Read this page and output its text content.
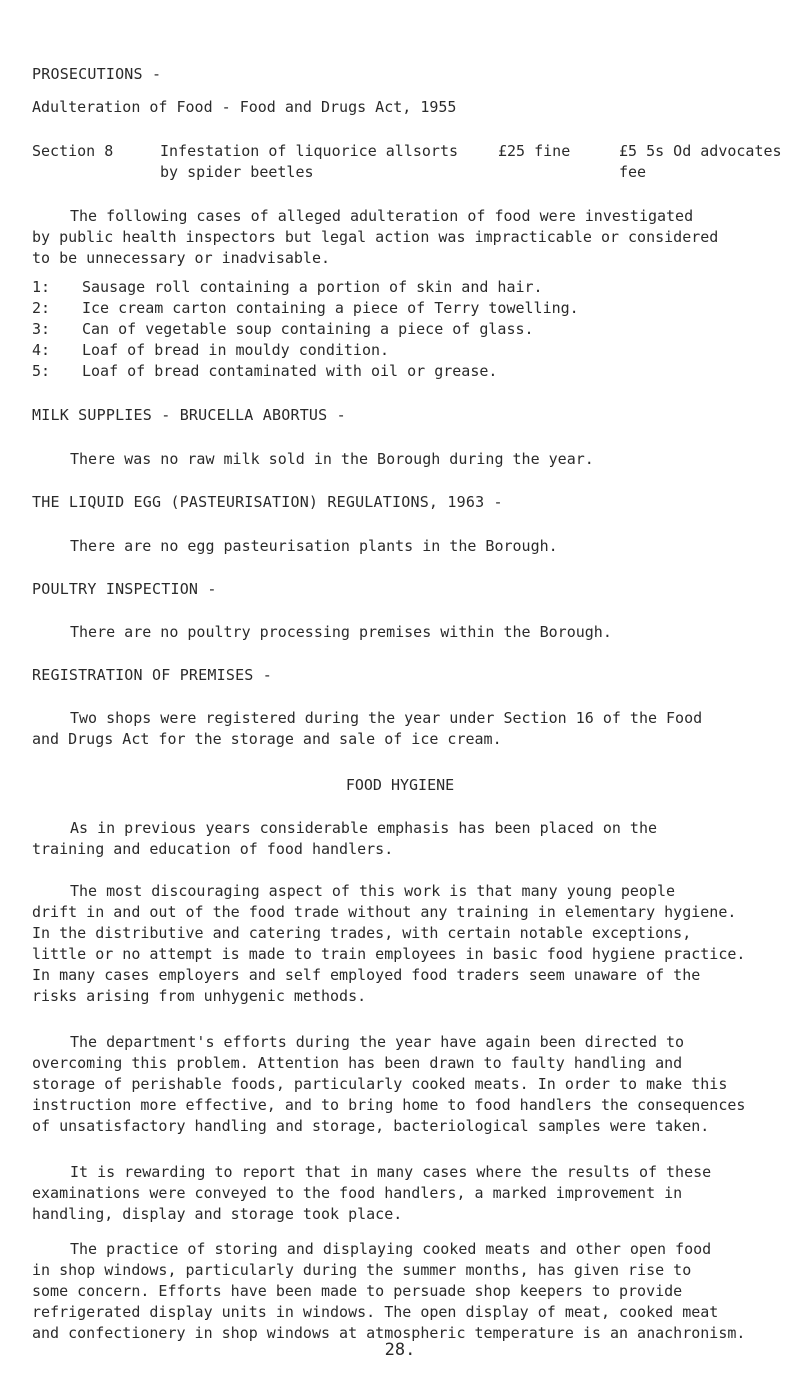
PROSECUTIONS -
Adulteration of Food - Food and Drugs Act, 1955
Section 8	Infestation of liquorice allsorts
by spider beetles
£25 fine	£5 5s Od advocates
fee
The following cases of alleged adulteration of food were investigated
by public health inspectors but legal action was impracticable or considered
to be unnecessary or inadvisable.
1: Sausage roll containing a portion of skin and hair.
2: Ice cream carton containing a piece of Terry towelling.
3: Can of vegetable soup containing a piece of glass.
4: Loaf of bread in mouldy condition.
5: Loaf of bread contaminated with oil or grease.
MILK SUPPLIES - BRUCELLA ABORTUS -
There was no raw milk sold in the Borough during the year.
THE LIQUID EGG (PASTEURISATION) REGULATIONS, 1963 -
There are no egg pasteurisation plants in the Borough.
POULTRY INSPECTION -
There are no poultry processing premises within the Borough.
REGISTRATION OF PREMISES -
Two shops were registered during the year under Section 16 of the Food
and Drugs Act for the storage and sale of ice cream.
FOOD HYGIENE
As in previous years considerable emphasis has been placed on the
training and education of food handlers.
The most discouraging aspect of this work is that many young people
drift in and out of the food trade without any training in elementary hygiene.
In the distributive and catering trades, with certain notable exceptions,
little or no attempt is made to train employees in basic food hygiene practice.
In many cases employers and self employed food traders seem unaware of the
risks arising from unhygenic methods.
The department's efforts during the year have again been directed to
overcoming this problem. Attention has been drawn to faulty handling and
storage of perishable foods, particularly cooked meats. In order to make this
instruction more effective, and to bring home to food handlers the consequences
of unsatisfactory handling and storage, bacteriological samples were taken.
It is rewarding to report that in many cases where the results of these
examinations were conveyed to the food handlers, a marked improvement in
handling, display and storage took place.
The practice of storing and displaying cooked meats and other open food
in shop windows, particularly during the summer months, has given rise to
some concern. Efforts have been made to persuade shop keepers to provide
refrigerated display units in windows. The open display of meat, cooked meat
and confectionery in shop windows at atmospheric temperature is an anachronism.
28.
